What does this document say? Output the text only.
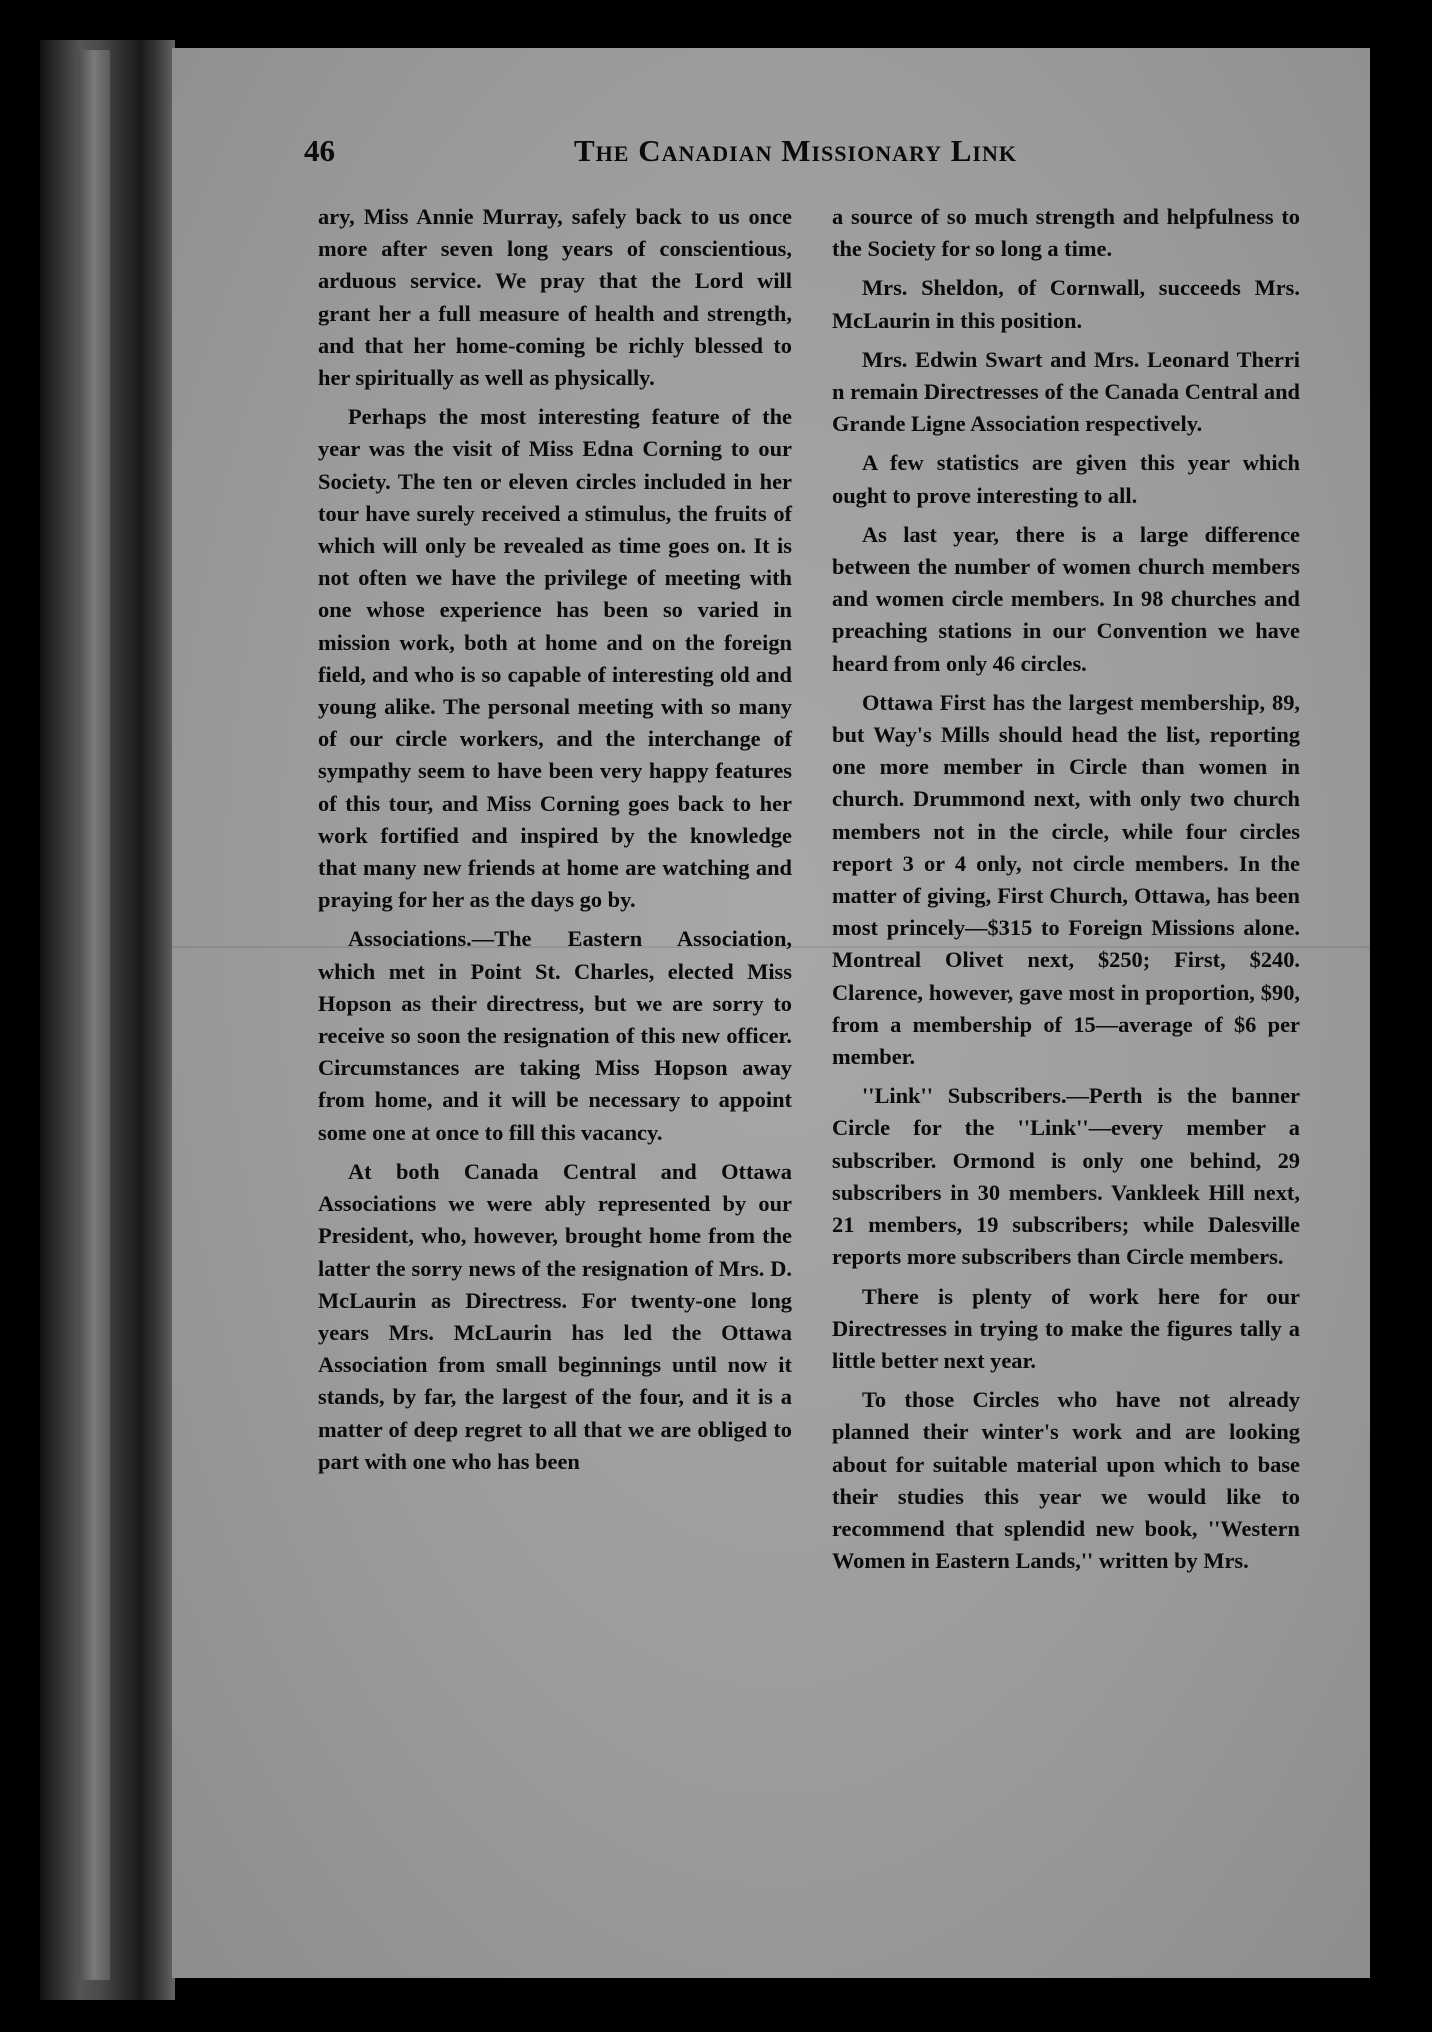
46	The Canadian Missionary Link

ary, Miss Annie Murray, safely back to us once more after seven long years of conscientious, arduous service. We pray that the Lord will grant her a full measure of health and strength, and that her home-coming be richly blessed to her spiritually as well as physically.

Perhaps the most interesting feature of the year was the visit of Miss Edna Corning to our Society. The ten or eleven circles included in her tour have surely received a stimulus, the fruits of which will only be revealed as time goes on. It is not often we have the privilege of meeting with one whose experience has been so varied in mission work, both at home and on the foreign field, and who is so capable of interesting old and young alike. The personal meeting with so many of our circle workers, and the interchange of sympathy seem to have been very happy features of this tour, and Miss Corning goes back to her work fortified and inspired by the knowledge that many new friends at home are watching and praying for her as the days go by.

Associations.—The Eastern Association, which met in Point St. Charles, elected Miss Hopson as their directress, but we are sorry to receive so soon the resignation of this new officer. Circumstances are taking Miss Hopson away from home, and it will be necessary to appoint some one at once to fill this vacancy.

At both Canada Central and Ottawa Associations we were ably represented by our President, who, however, brought home from the latter the sorry news of the resignation of Mrs. D. McLaurin as Directress. For twenty-one long years Mrs. McLaurin has led the Ottawa Association from small beginnings until now it stands, by far, the largest of the four, and it is a matter of deep regret to all that we are obliged to part with one who has been

a source of so much strength and helpfulness to the Society for so long a time.

Mrs. Sheldon, of Cornwall, succeeds Mrs. McLaurin in this position.

Mrs. Edwin Swart and Mrs. Leonard Therri n remain Directresses of the Canada Central and Grande Ligne Association respectively.

A few statistics are given this year which ought to prove interesting to all.

As last year, there is a large difference between the number of women church members and women circle members. In 98 churches and preaching stations in our Convention we have heard from only 46 circles.

Ottawa First has the largest membership, 89, but Way's Mills should head the list, reporting one more member in Circle than women in church. Drummond next, with only two church members not in the circle, while four circles report 3 or 4 only, not circle members. In the matter of giving, First Church, Ottawa, has been most princely—$315 to Foreign Missions alone. Montreal Olivet next, $250; First, $240. Clarence, however, gave most in proportion, $90, from a membership of 15—average of $6 per member.

''Link'' Subscribers.—Perth is the banner Circle for the ''Link''—every member a subscriber. Ormond is only one behind, 29 subscribers in 30 members. Vankleek Hill next, 21 members, 19 subscribers; while Dalesville reports more subscribers than Circle members.

There is plenty of work here for our Directresses in trying to make the figures tally a little better next year.

To those Circles who have not already planned their winter's work and are looking about for suitable material upon which to base their studies this year we would like to recommend that splendid new book, ''Western Women in Eastern Lands,'' written by Mrs.
